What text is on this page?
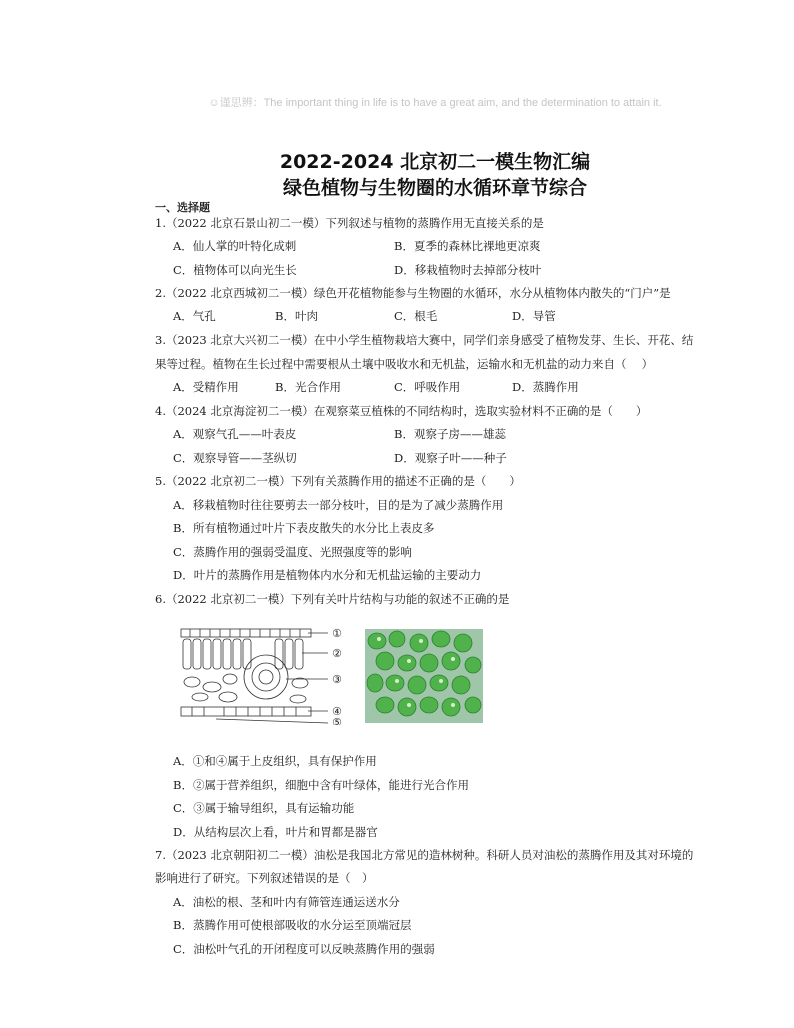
☺谨思辨：The important thing in life is to have a great aim, and the determination to attain it.
2022-2024 北京初二一模生物汇编
绿色植物与生物圈的水循环章节综合
一、选择题
1.（2022 北京石景山初二一模）下列叙述与植物的蒸腾作用无直接关系的是
A．仙人掌的叶特化成刺	B．夏季的森林比裸地更凉爽
C．植物体可以向光生长	D．移栽植物时去掉部分枝叶
2.（2022 北京西城初二一模）绿色开花植物能参与生物圈的水循环，水分从植物体内散失的“门户”是
A．气孔	B．叶肉	C．根毛	D．导管
3.（2023 北京大兴初二一模）在中小学生植物栽培大赛中，同学们亲身感受了植物发芽、生长、开花、结
果等过程。植物在生长过程中需要根从土壤中吸收水和无机盐，运输水和无机盐的动力来自（　 ）
A．受精作用	B．光合作用	C．呼吸作用	D．蒸腾作用
4.（2024 北京海淀初二一模）在观察菜豆植株的不同结构时，选取实验材料不正确的是（　　）
A．观察气孔——叶表皮	B．观察子房——雄蕊
C．观察导管——茎纵切	D．观察子叶——种子
5.（2022 北京初二一模）下列有关蒸腾作用的描述不正确的是（　　）
A．移栽植物时往往要剪去一部分枝叶，目的是为了减少蒸腾作用
B．所有植物通过叶片下表皮散失的水分比上表皮多
C．蒸腾作用的强弱受温度、光照强度等的影响
D．叶片的蒸腾作用是植物体内水分和无机盐运输的主要动力
6.（2022 北京初二一模）下列有关叶片结构与功能的叙述不正确的是
①
②
③
④
⑤
A．①和④属于上皮组织，具有保护作用
B．②属于营养组织，细胞中含有叶绿体，能进行光合作用
C．③属于输导组织，具有运输功能
D．从结构层次上看，叶片和胃都是器官
7.（2023 北京朝阳初二一模）油松是我国北方常见的造林树种。科研人员对油松的蒸腾作用及其对环境的
影响进行了研究。下列叙述错误的是（　）
A．油松的根、茎和叶内有筛管连通运送水分
B．蒸腾作用可使根部吸收的水分运至顶端冠层
C．油松叶气孔的开闭程度可以反映蒸腾作用的强弱
